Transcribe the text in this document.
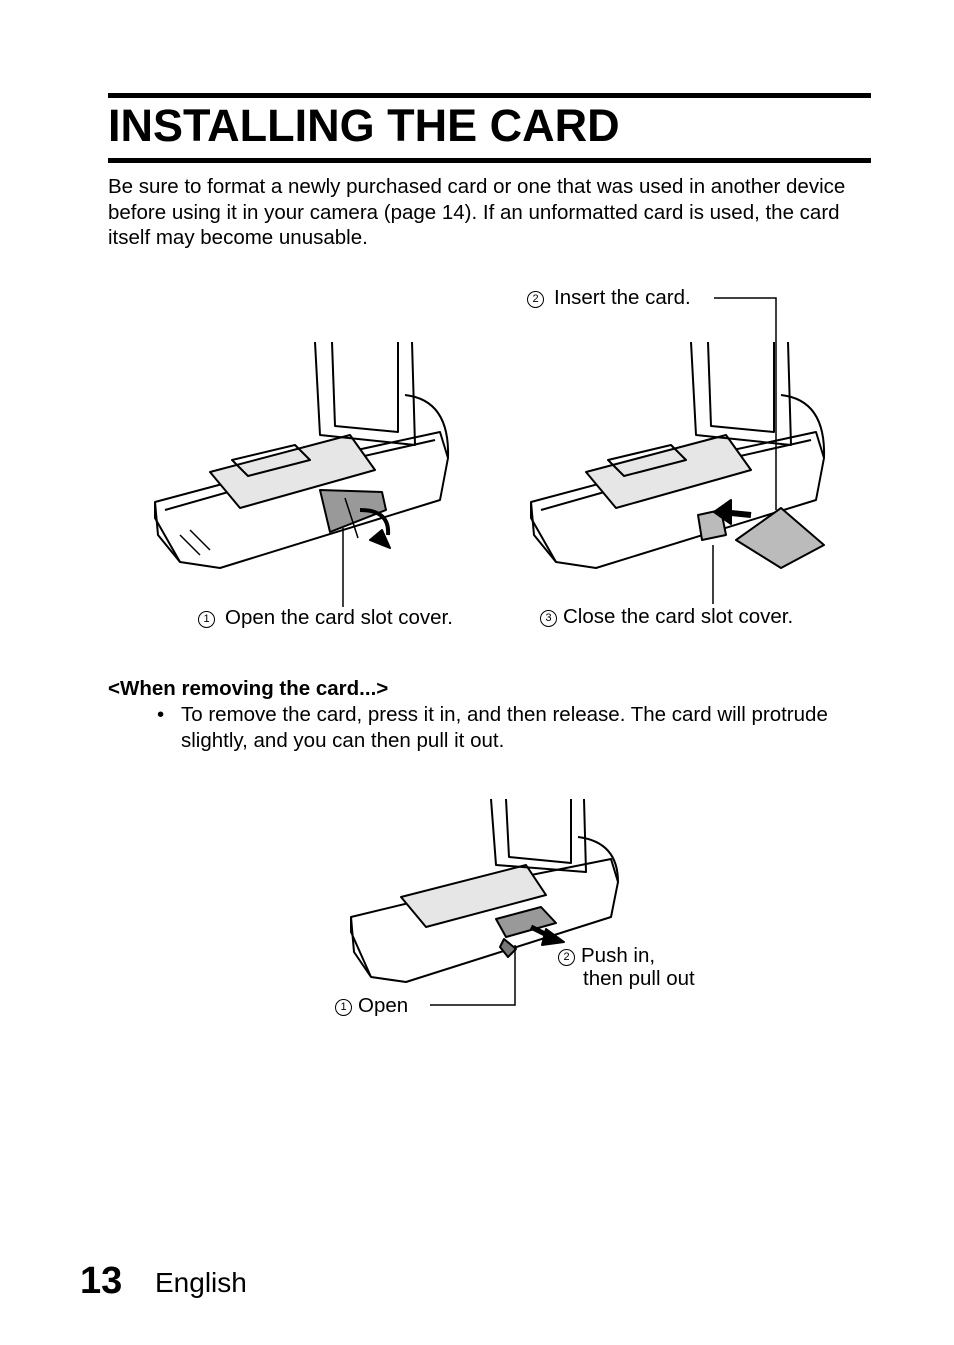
INSTALLING THE CARD

Be sure to format a newly purchased card or one that was used in another device before using it in your camera (page 14). If an unformatted card is used, the card itself may become unusable.

1 Open the card slot cover.
2 Insert the card.
3 Close the card slot cover.

<When removing the card...>

• To remove the card, press it in, and then release. The card will protrude slightly, and you can then pull it out.
1 Open
2 Push in,
then pull out
13 English
